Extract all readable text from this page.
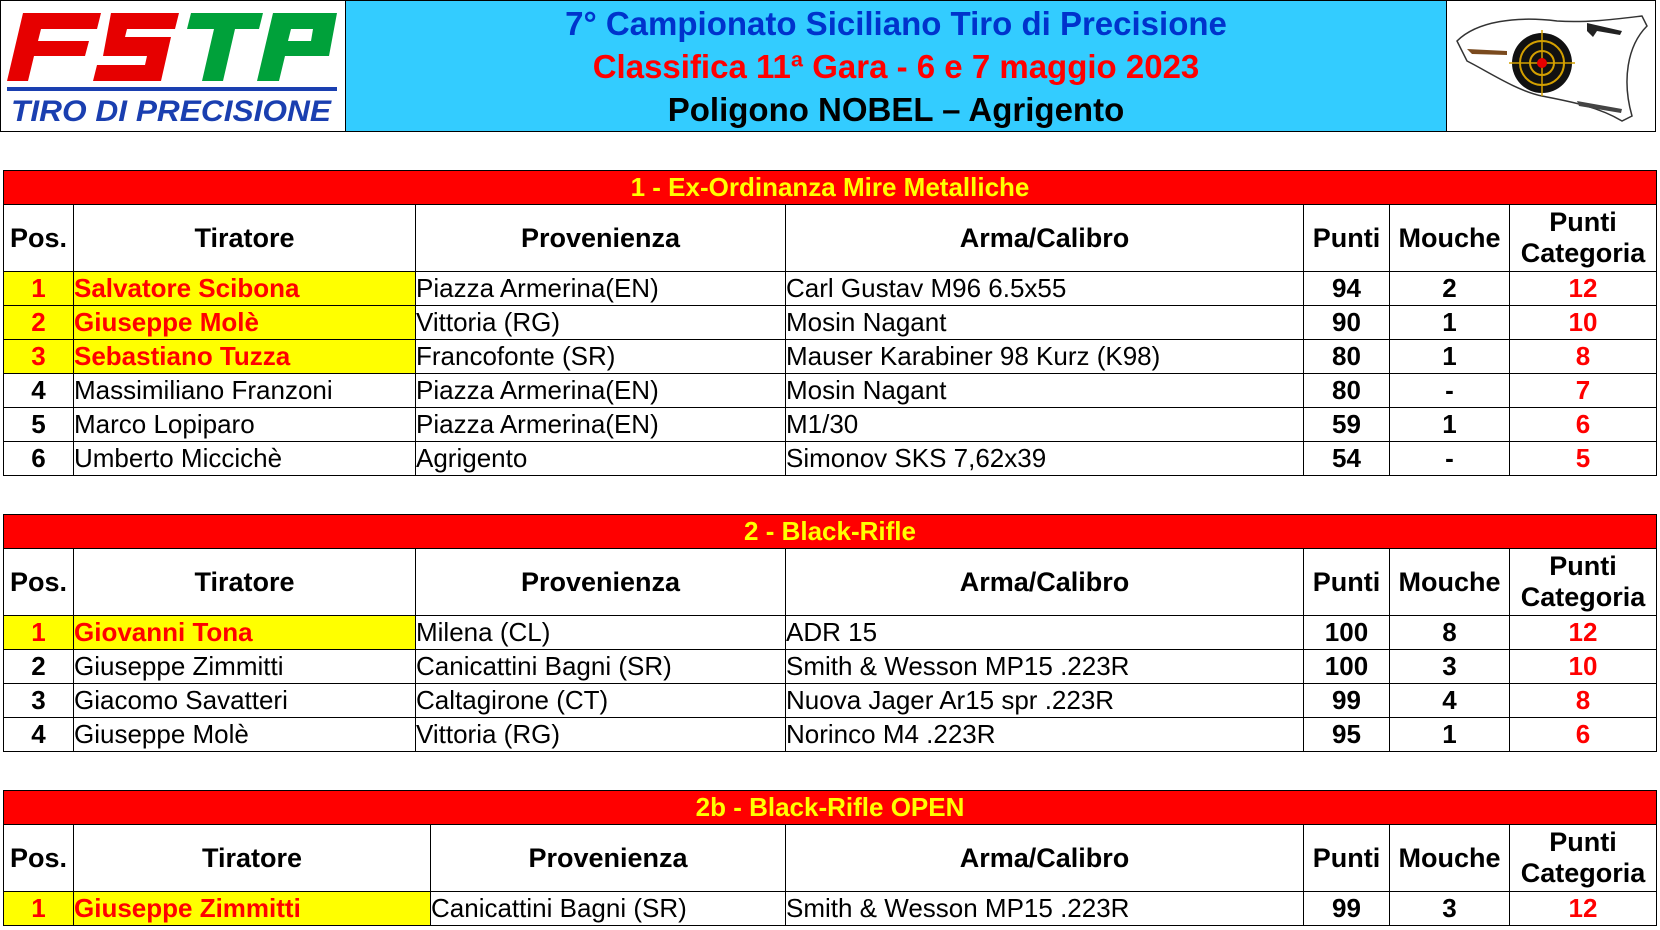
TIRO DI PRECISIONE
7° Campionato Siciliano Tiro di Precisione
Classifica 11ª Gara - 6 e 7 maggio 2023
Poligono NOBEL – Agrigento
1 - Ex-Ordinanza Mire Metalliche						
Pos.	Tiratore	Provenienza	Arma/Calibro	Punti	Mouche	Punti
Categoria
1	Salvatore Scibona	Piazza Armerina(EN)	Carl Gustav M96 6.5x55	94	2	12
2	Giuseppe Molè	Vittoria (RG)	Mosin Nagant	90	1	10
3	Sebastiano Tuzza	Francofonte (SR)	Mauser Karabiner 98 Kurz (K98)	80	1	8
4	Massimiliano Franzoni	Piazza Armerina(EN)	Mosin Nagant	80	-	7
5	Marco Lopiparo	Piazza Armerina(EN)	M1/30	59	1	6
6	Umberto Miccichè	Agrigento	Simonov SKS 7,62x39	54	-	5
2 - Black-Rifle						
Pos.	Tiratore	Provenienza	Arma/Calibro	Punti	Mouche	Punti
Categoria
1	Giovanni Tona	Milena (CL)	ADR 15	100	8	12
2	Giuseppe Zimmitti	Canicattini Bagni (SR)	Smith & Wesson MP15 .223R	100	3	10
3	Giacomo Savatteri	Caltagirone (CT)	Nuova Jager Ar15 spr .223R	99	4	8
4	Giuseppe Molè	Vittoria (RG)	Norinco M4 .223R	95	1	6
2b - Black-Rifle OPEN						
Pos.	Tiratore	Provenienza	Arma/Calibro	Punti	Mouche	Punti
Categoria
1	Giuseppe Zimmitti	Canicattini Bagni (SR)	Smith & Wesson MP15 .223R	99	3	12
